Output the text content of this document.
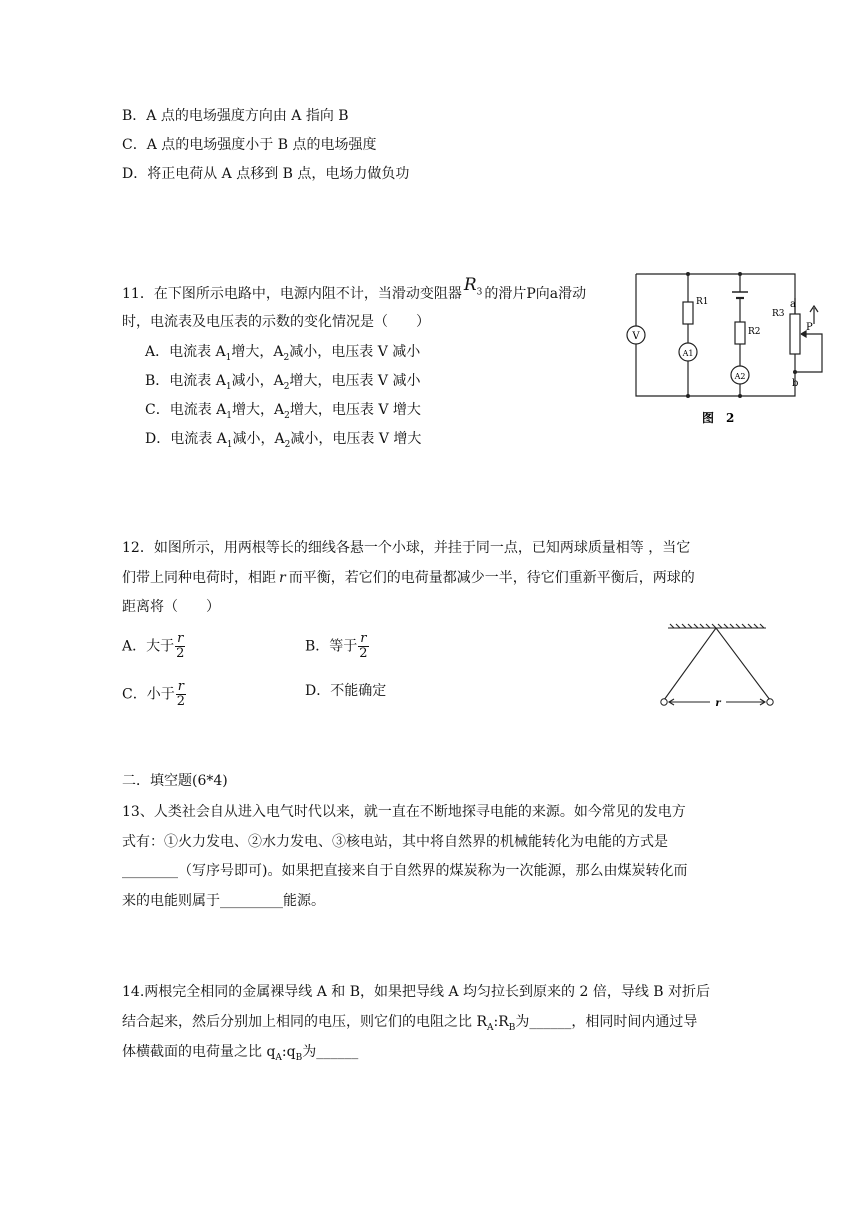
B．A 点的电场强度方向由 A 指向 B
C．A 点的电场强度小于 B 点的电场强度
D．将正电荷从 A 点移到 B 点，电场力做负功
11．在下图所示电路中，电源内阻不计，当滑动变阻器 $R_3$ 的滑片P向a滑动
时，电流表及电压表的示数的变化情况是（　　）
A．电流表 $A_1$增大，$A_2$减小，电压表 V 减小
B．电流表 $A_1$减小，$A_2$增大，电压表 V 减小
C．电流表 $A_1$增大，$A_2$增大，电压表 V 增大
D．电流表 $A_1$减小，$A_2$减小，电压表 V 增大
V
A1
A2
R1
R2
R3
a
b
P
图　2
12．如图所示，用两根等长的细线各悬一个小球，并挂于同一点，已知两球质量相等 ，当它
们带上同种电荷时，相距 r 而平衡，若它们的电荷量都减少一半，待它们重新平衡后，两球的
距离将（　　）
A．大于 $\frac{r}{2}$	B．等于 $\frac{r}{2}$
C．小于 $\frac{r}{2}$	D．不能确定
r
二．填空题(6*4)
13、人类社会自从进入电气时代以来，就一直在不断地探寻电能的来源。如今常见的发电方
式有：①火力发电、②水力发电、③核电站，其中将自然界的机械能转化为电能的方式是
________（写序号即可)。如果把直接来自于自然界的煤炭称为一次能源，那么由煤炭转化而
来的电能则属于_________能源。
14.两根完全相同的金属裸导线 A 和 B，如果把导线 A 均匀拉长到原来的 2 倍，导线 B 对折后
结合起来，然后分别加上相同的电压，则它们的电阻之比 $R_A:R_B$为______，相同时间内通过导
体横截面的电荷量之比 $q_A:q_B$为______
